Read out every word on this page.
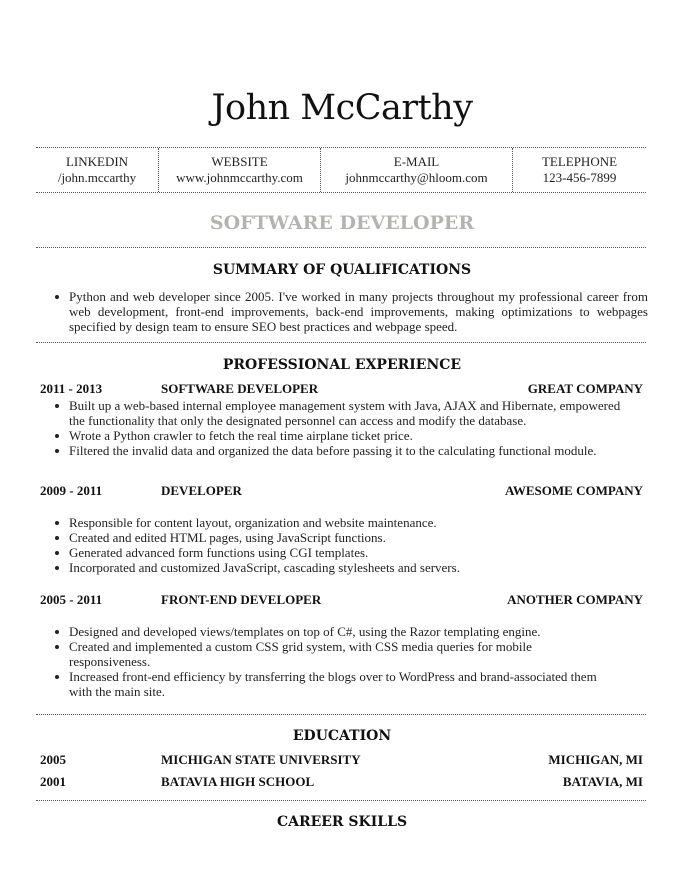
John McCarthy
LINKEDIN
/john.mccarthy
WEBSITE
www.johnmccarthy.com
E-MAIL
johnmccarthy@hloom.com
TELEPHONE
123-456-7899
SOFTWARE DEVELOPER
SUMMARY OF QUALIFICATIONS
Python and web developer since 2005. I've worked in many projects throughout my professional career from web development, front-end improvements, back-end improvements, making optimizations to webpages specified by design team to ensure SEO best practices and webpage speed.
PROFESSIONAL EXPERIENCE
2011 - 2013	SOFTWARE DEVELOPER	GREAT COMPANY
Built up a web-based internal employee management system with Java, AJAX and Hibernate, empowered the functionality that only the designated personnel can access and modify the database.
Wrote a Python crawler to fetch the real time airplane ticket price.
Filtered the invalid data and organized the data before passing it to the calculating functional module.
2009 - 2011	DEVELOPER	AWESOME COMPANY
Responsible for content layout, organization and website maintenance.
Created and edited HTML pages, using JavaScript functions.
Generated advanced form functions using CGI templates.
Incorporated and customized JavaScript, cascading stylesheets and servers.
2005 - 2011	FRONT-END DEVELOPER	ANOTHER COMPANY
Designed and developed views/templates on top of C#, using the Razor templating engine.
Created and implemented a custom CSS grid system, with CSS media queries for mobile responsiveness.
Increased front-end efficiency by transferring the blogs over to WordPress and brand-associated them with the main site.
EDUCATION
2005	MICHIGAN STATE UNIVERSITY	MICHIGAN, MI
2001	BATAVIA HIGH SCHOOL	BATAVIA, MI
CAREER SKILLS
